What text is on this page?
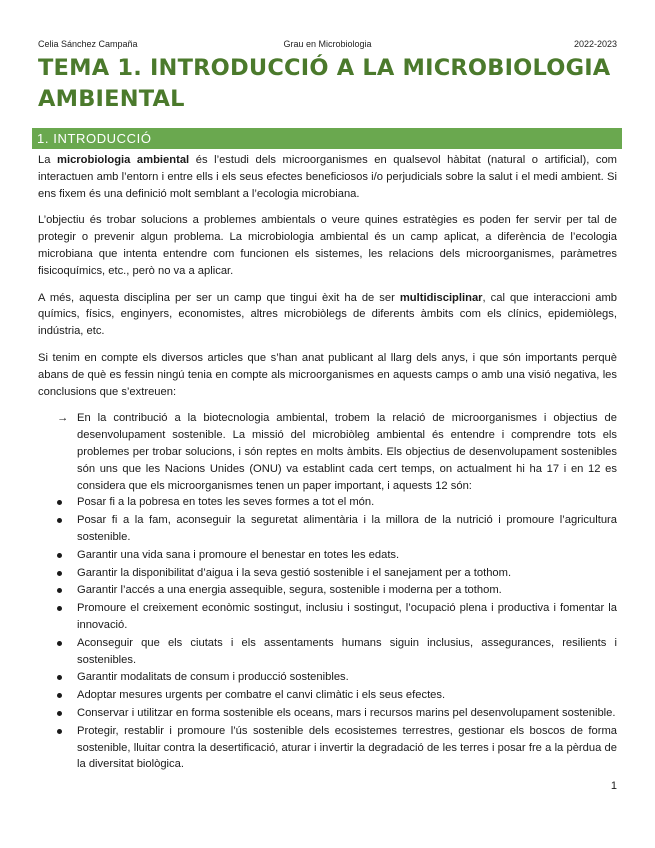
Celia Sánchez Campaña	Grau en Microbiologia	2022-2023
TEMA 1. INTRODUCCIÓ A LA MICROBIOLOGIA AMBIENTAL
1. INTRODUCCIÓ

La microbiologia ambiental és l’estudi dels microorganismes en qualsevol hàbitat (natural o artificial), com interactuen amb l’entorn i entre ells i els seus efectes beneficiosos i/o perjudicials sobre la salut i el medi ambient. Si ens fixem és una definició molt semblant a l’ecologia microbiana.

L’objectiu és trobar solucions a problemes ambientals o veure quines estratègies es poden fer servir per tal de protegir o prevenir algun problema. La microbiologia ambiental és un camp aplicat, a diferència de l’ecologia microbiana que intenta entendre com funcionen els sistemes, les relacions dels microorganismes, paràmetres fisicoquímics, etc., però no va a aplicar.

A més, aquesta disciplina per ser un camp que tingui èxit ha de ser multidisciplinar, cal que interaccioni amb químics, físics, enginyers, economistes, altres microbiòlegs de diferents àmbits com els clínics, epidemiòlegs, indústria, etc.

Si tenim en compte els diversos articles que s’han anat publicant al llarg dels anys, i que són importants perquè abans de què es fessin ningú tenia en compte als microorganismes en aquests camps o amb una visió negativa, les conclusions que s’extreuen:

→ En la contribució a la biotecnologia ambiental, trobem la relació de microorganismes i objectius de desenvolupament sostenible. La missió del microbiòleg ambiental és entendre i comprendre tots els problemes per trobar solucions, i són reptes en molts àmbits. Els objectius de desenvolupament sostenibles són uns que les Nacions Unides (ONU) va establint cada cert temps, on actualment hi ha 17 i en 12 es considera que els microorganismes tenen un paper important, i aquests 12 són:
Posar fi a la pobresa en totes les seves formes a tot el món.
Posar fi a la fam, aconseguir la seguretat alimentària i la millora de la nutrició i promoure l’agricultura sostenible.
Garantir una vida sana i promoure el benestar en totes les edats.
Garantir la disponibilitat d’aigua i la seva gestió sostenible i el sanejament per a tothom.
Garantir l’accés a una energia assequible, segura, sostenible i moderna per a tothom.
Promoure el creixement econòmic sostingut, inclusiu i sostingut, l’ocupació plena i productiva i fomentar la innovació.
Aconseguir que els ciutats i els assentaments humans siguin inclusius, assegurances, resilients i sostenibles.
Garantir modalitats de consum i producció sostenibles.
Adoptar mesures urgents per combatre el canvi climàtic i els seus efectes.
Conservar i utilitzar en forma sostenible els oceans, mars i recursos marins pel desenvolupament sostenible.
Protegir, restablir i promoure l’ús sostenible dels ecosistemes terrestres, gestionar els boscos de forma sostenible, lluitar contra la desertificació, aturar i invertir la degradació de les terres i posar fre a la pèrdua de la diversitat biològica.
1
